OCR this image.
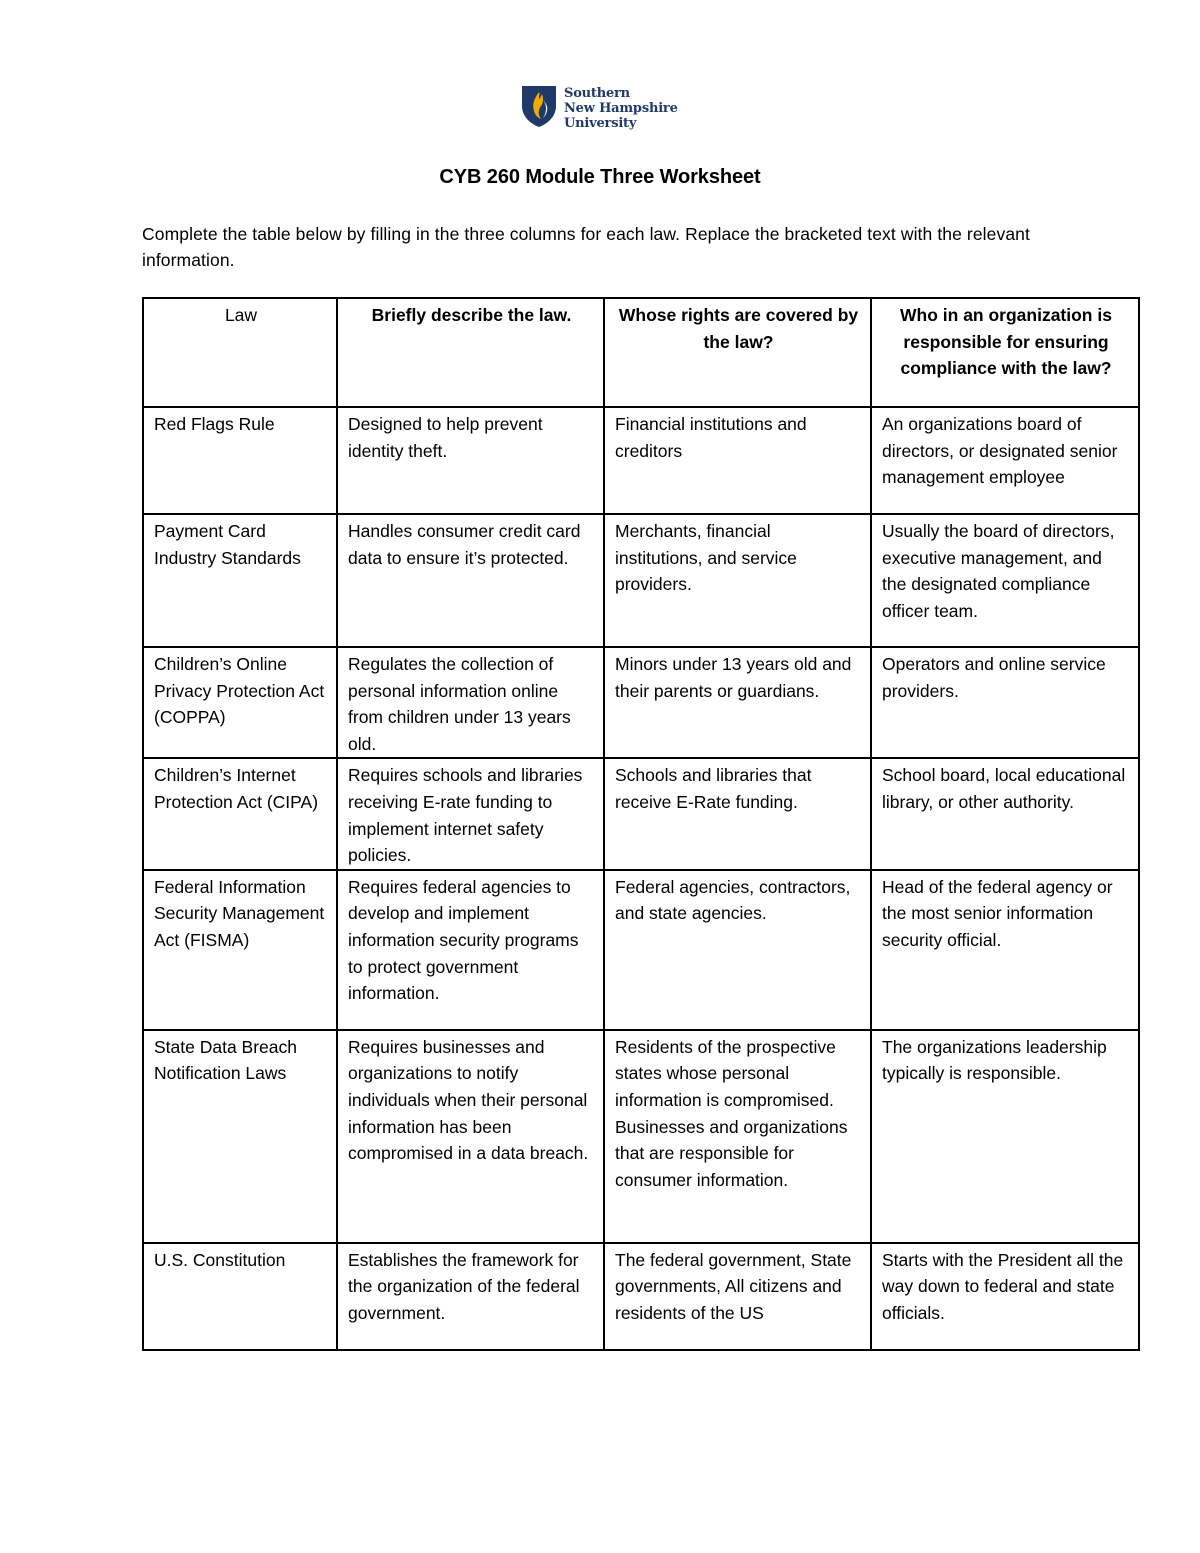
Southern
New Hampshire
University
CYB 260 Module Three Worksheet
Complete the table below by filling in the three columns for each law. Replace the bracketed text with the relevant information.
Law	Briefly describe the law.	Whose rights are covered by the law?	Who in an organization is responsible for ensuring compliance with the law?
Red Flags Rule	Designed to help prevent identity theft.	Financial institutions and creditors	An organizations board of directors, or designated senior management employee
Payment Card Industry Standards	Handles consumer credit card data to ensure it’s protected.	Merchants, financial institutions, and service providers.	Usually the board of directors, executive management, and the designated compliance officer team.
Children’s Online Privacy Protection Act (COPPA)	Regulates the collection of personal information online from children under 13 years old.	Minors under 13 years old and their parents or guardians.	Operators and online service providers.
Children’s Internet Protection Act (CIPA)	Requires schools and libraries receiving E-rate funding to implement internet safety policies.	Schools and libraries that receive E-Rate funding.	School board, local educational library, or other authority.
Federal Information Security Management Act (FISMA)	Requires federal agencies to develop and implement information security programs to protect government information.	Federal agencies, contractors, and state agencies.	Head of the federal agency or the most senior information security official.
State Data Breach Notification Laws	Requires businesses and organizations to notify individuals when their personal information has been compromised in a data breach.	Residents of the prospective states whose personal information is compromised. Businesses and organizations that are responsible for consumer information.	The organizations leadership typically is responsible.
U.S. Constitution	Establishes the framework for the organization of the federal government.	The federal government, State governments, All citizens and residents of the US	Starts with the President all the way down to federal and state officials.
